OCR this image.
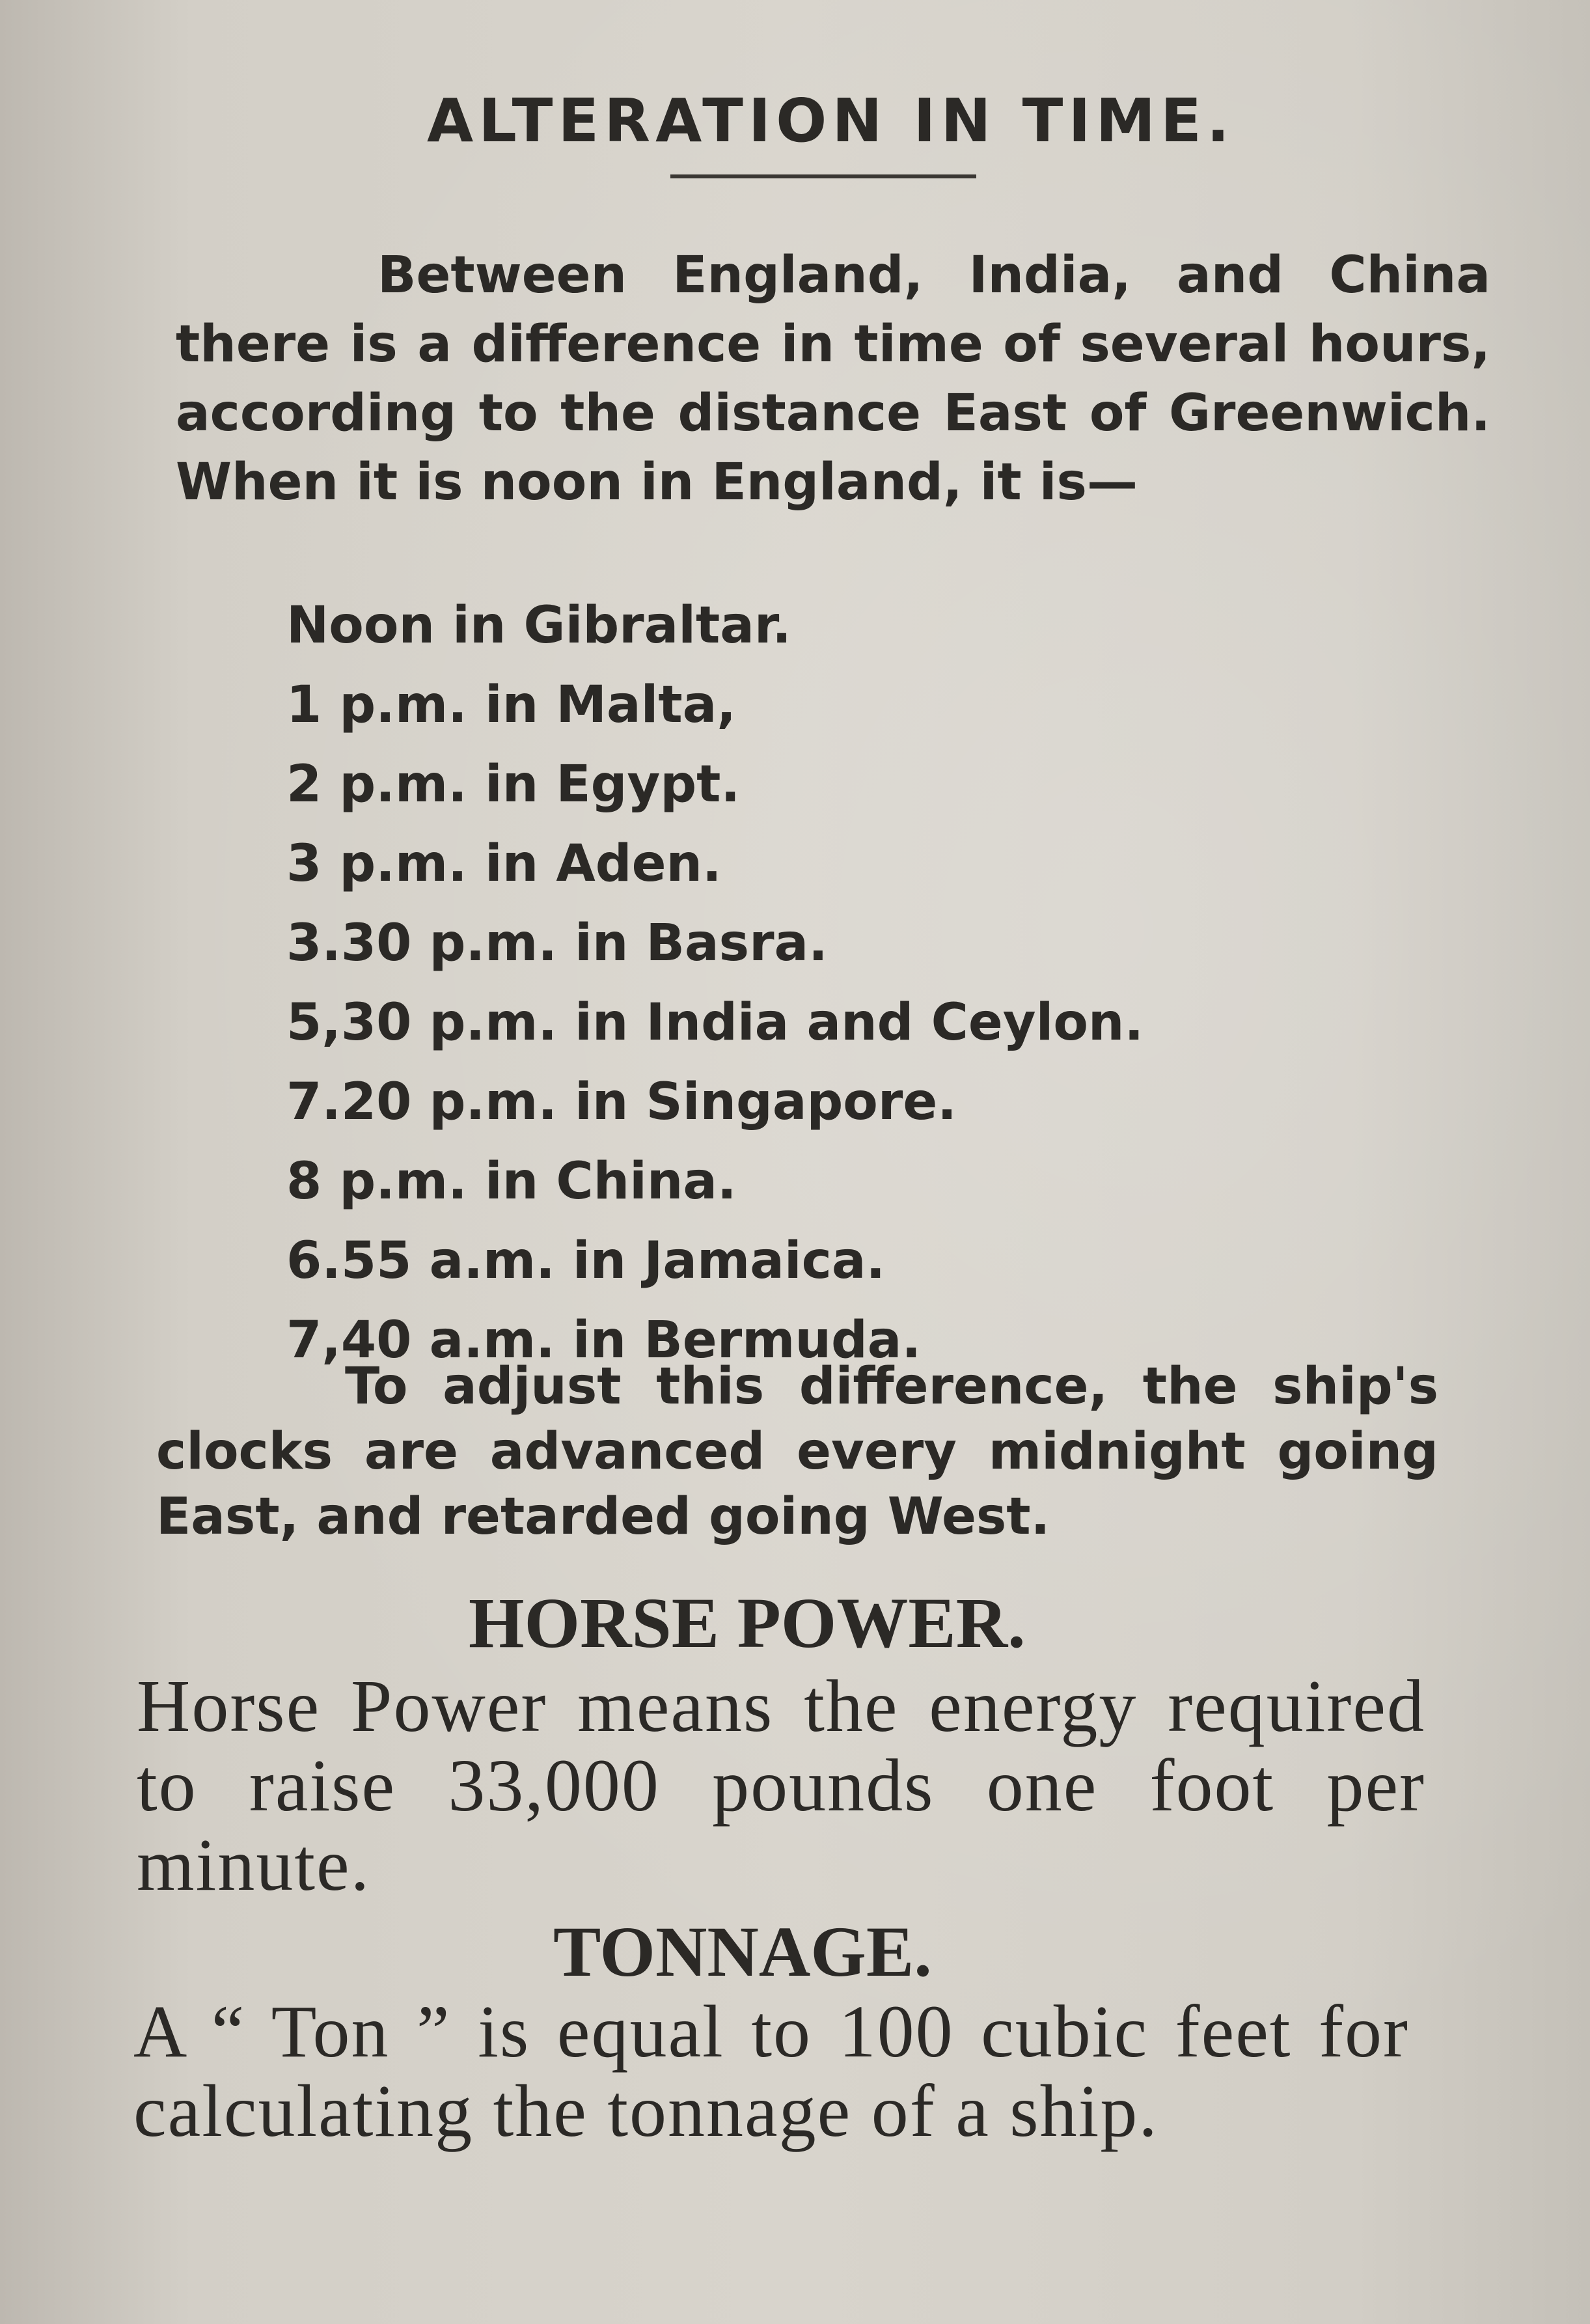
ALTERATION IN TIME.

Between England, India, and China there is a difference in time of several hours, according to the distance East of Greenwich. When it is noon in England, it is—

Noon in Gibraltar.
1 p.m. in Malta,
2 p.m. in Egypt.
3 p.m. in Aden.
3.30 p.m. in Basra.
5,30 p.m. in India and Ceylon.
7.20 p.m. in Singapore.
8 p.m. in China.
6.55 a.m. in Jamaica.
7,40 a.m. in Bermuda.

To adjust this difference, the ship's clocks are advanced every midnight going East, and retarded going West.

HORSE POWER.

Horse Power means the energy required to raise 33,000 pounds one foot per minute.

TONNAGE.

A “ Ton ” is equal to 100 cubic feet for calculating the tonnage of a ship.
